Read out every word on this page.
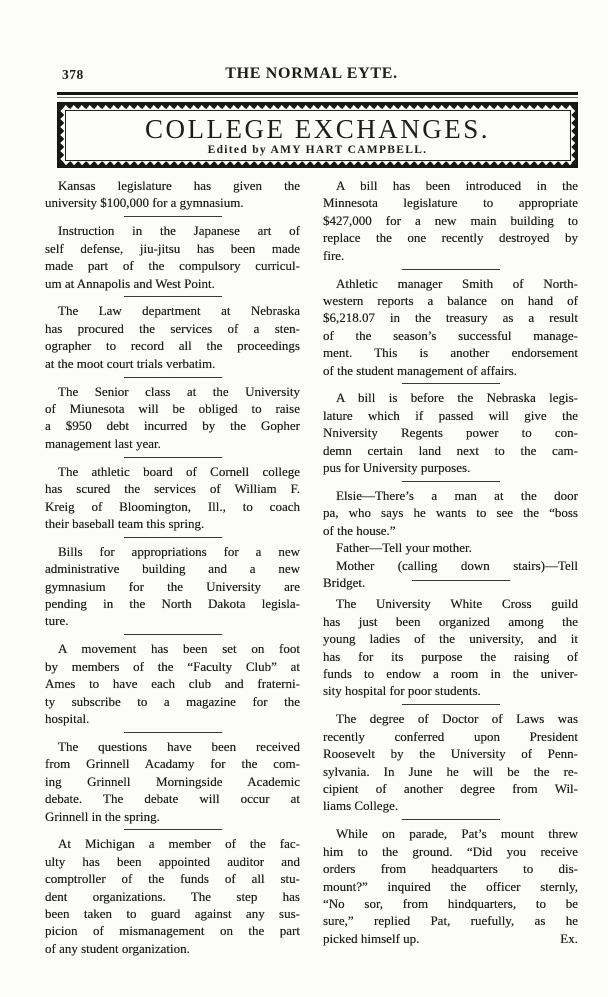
378	THE NORMAL EYTE.
COLLEGE EXCHANGES.
Edited by AMY HART CAMPBELL.
Kansas legislature has given the
university $100,000 for a gymnasium.
Instruction in the Japanese art of
self defense, jiu-jitsu has been made
made part of the compulsory curricul-
um at Annapolis and West Point.
The Law department at Nebraska
has procured the services of a sten-
ographer to record all the proceedings
at the moot court trials verbatim.
The Senior class at the University
of Miunesota will be obliged to raise
a $950 debt incurred by the Gopher
management last year.
The athletic board of Cornell college
has scured the services of William F.
Kreig of Bloomington, Ill., to coach
their baseball team this spring.
Bills for appropriations for a new
administrative building and a new
gymnasium for the University are
pending in the North Dakota legisla-
ture.
A movement has been set on foot
by members of the “Faculty Club” at
Ames to have each club and fraterni-
ty subscribe to a magazine for the
hospital.
The questions have been received
from Grinnell Acadamy for the com-
ing Grinnell Morningside Academic
debate. The debate will occur at
Grinnell in the spring.
At Michigan a member of the fac-
ulty has been appointed auditor and
comptroller of the funds of all stu-
dent organizations. The step has
been taken to guard against any sus-
picion of mismanagement on the part
of any student organization.
A bill has been introduced in the
Minnesota legislature to appropriate
$427,000 for a new main building to
replace the one recently destroyed by
fire.
Athletic manager Smith of North-
western reports a balance on hand of
$6,218.07 in the treasury as a result
of the season’s successful manage-
ment. This is another endorsement
of the student management of affairs.
A bill is before the Nebraska legis-
lature which if passed will give the
Nniversity Regents power to con-
demn certain land next to the cam-
pus for University purposes.
Elsie—There’s a man at the door
pa, who says he wants to see the “boss
of the house.”
Father—Tell your mother.
Mother (calling down stairs)—Tell
Bridget.
The University White Cross guild
has just been organized among the
young ladies of the university, and it
has for its purpose the raising of
funds to endow a room in the univer-
sity hospital for poor students.
The degree of Doctor of Laws was
recently conferred upon President
Roosevelt by the University of Penn-
sylvania. In June he will be the re-
cipient of another degree from Wil-
liams College.
While on parade, Pat’s mount threw
him to the ground. “Did you receive
orders from headquarters to dis-
mount?” inquired the officer sternly,
“No sor, from hindquarters, to be
sure,” replied Pat, ruefully, as he
picked himself up.	Ex.
